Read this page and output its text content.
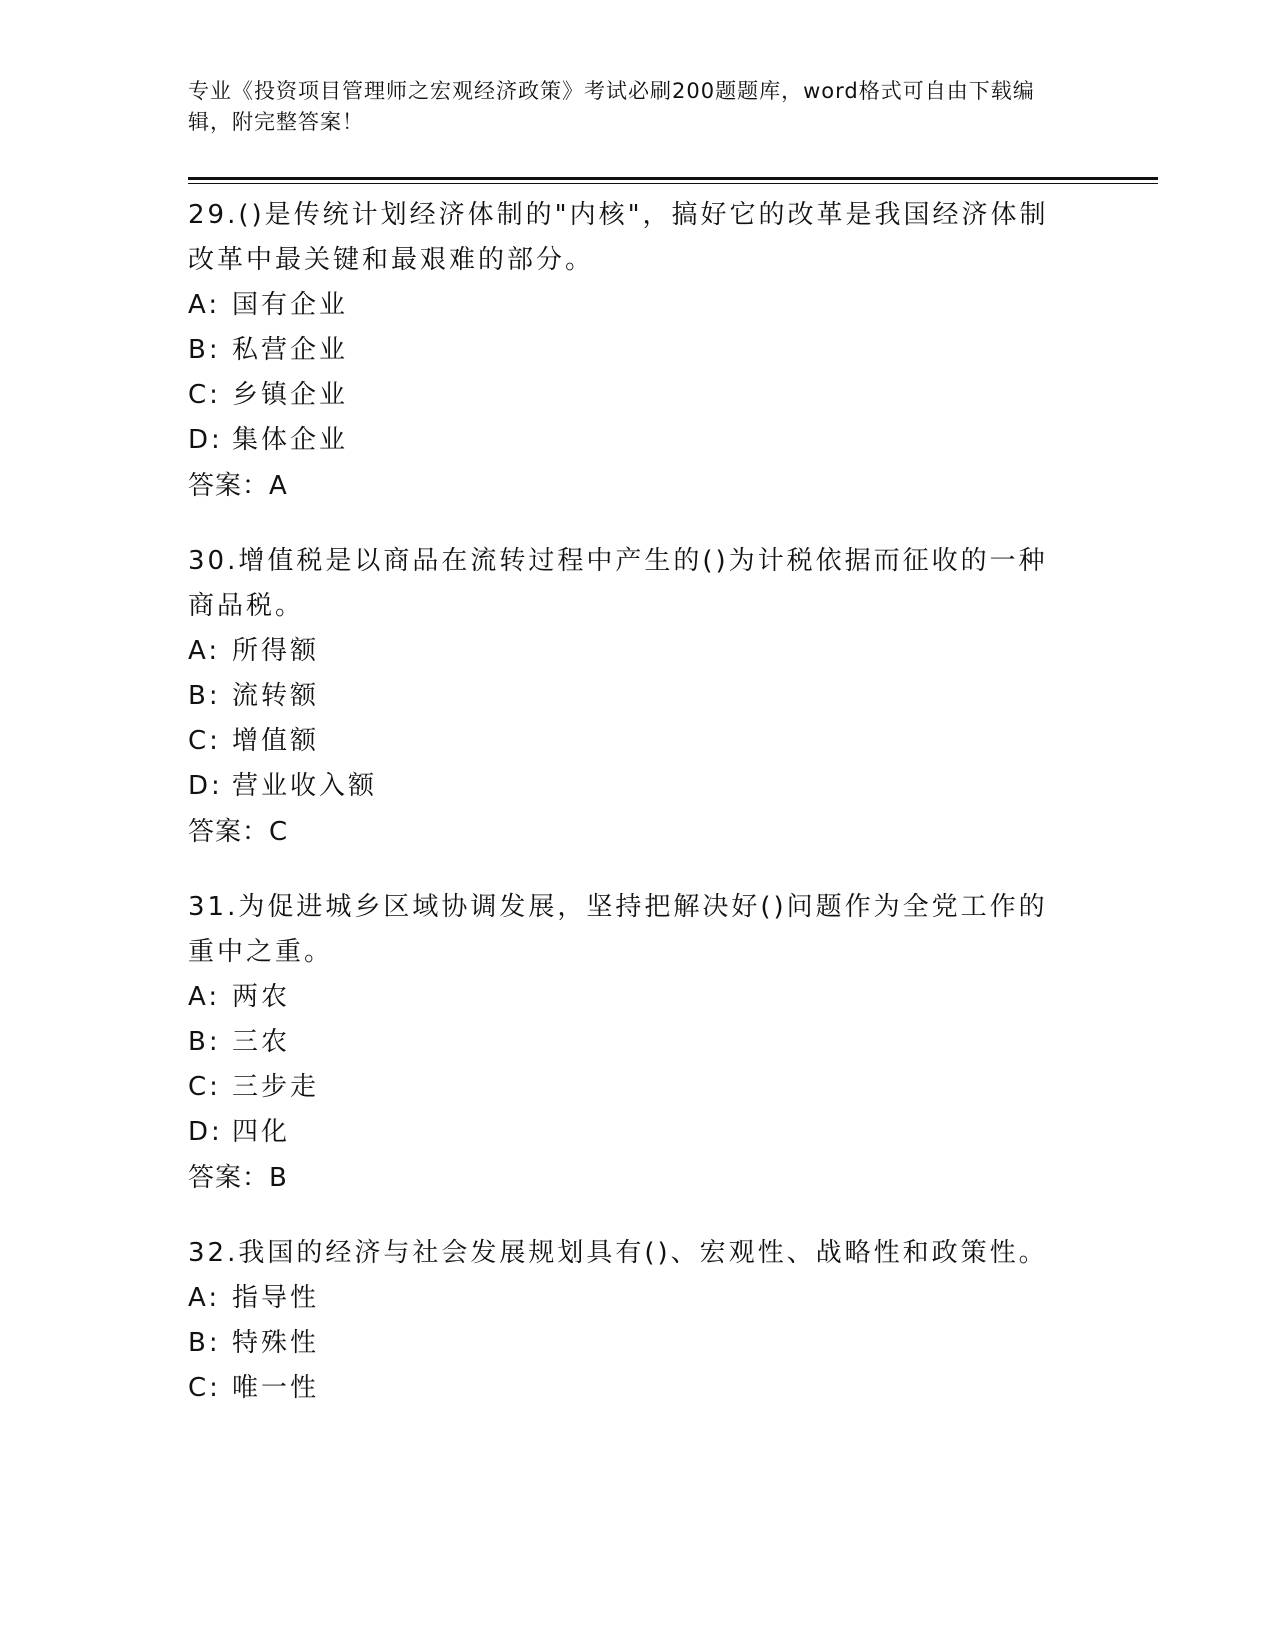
专业《投资项目管理师之宏观经济政策》考试必刷200题题库，word格式可自由下载编辑，附完整答案！
29.()是传统计划经济体制的"内核"，搞好它的改革是我国经济体制改革中最关键和最艰难的部分。
A: 国有企业
B: 私营企业
C: 乡镇企业
D: 集体企业
答案：A
30.增值税是以商品在流转过程中产生的()为计税依据而征收的一种商品税。
A: 所得额
B: 流转额
C: 增值额
D: 营业收入额
答案：C
31.为促进城乡区域协调发展，坚持把解决好()问题作为全党工作的重中之重。
A: 两农
B: 三农
C: 三步走
D: 四化
答案：B
32.我国的经济与社会发展规划具有()、宏观性、战略性和政策性。
A: 指导性
B: 特殊性
C: 唯一性
